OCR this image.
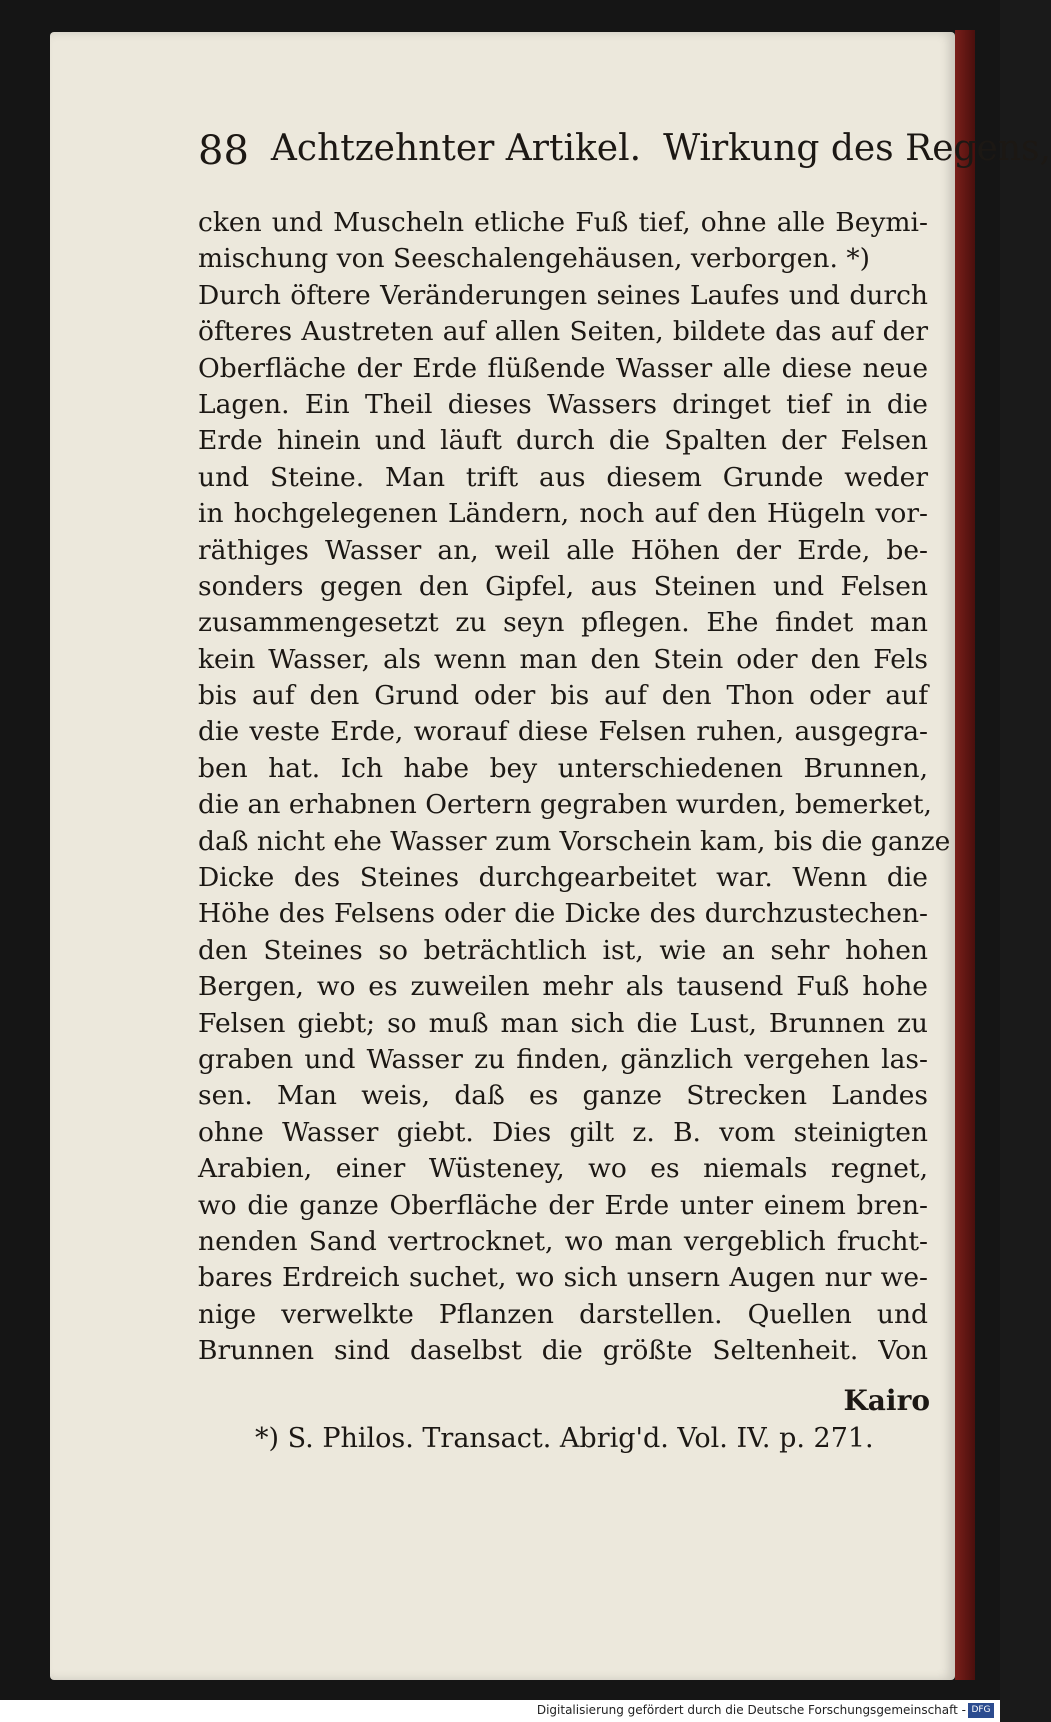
88 Achtzehnter Artikel. Wirkung des Regens,
cken und Muscheln etliche Fuß tief, ohne alle Beymi-
mischung von Seeschalengehäusen, verborgen. *)
Durch öftere Veränderungen seines Laufes und durch
öfteres Austreten auf allen Seiten, bildete das auf der
Oberfläche der Erde flüßende Wasser alle diese neue
Lagen. Ein Theil dieses Wassers dringet tief in die
Erde hinein und läuft durch die Spalten der Felsen
und Steine. Man trift aus diesem Grunde weder
in hochgelegenen Ländern, noch auf den Hügeln vor-
räthiges Wasser an, weil alle Höhen der Erde, be-
sonders gegen den Gipfel, aus Steinen und Felsen
zusammengesetzt zu seyn pflegen. Ehe findet man
kein Wasser, als wenn man den Stein oder den Fels
bis auf den Grund oder bis auf den Thon oder auf
die veste Erde, worauf diese Felsen ruhen, ausgegra-
ben hat. Ich habe bey unterschiedenen Brunnen,
die an erhabnen Oertern gegraben wurden, bemerket,
daß nicht ehe Wasser zum Vorschein kam, bis die ganze
Dicke des Steines durchgearbeitet war. Wenn die
Höhe des Felsens oder die Dicke des durchzustechen-
den Steines so beträchtlich ist, wie an sehr hohen
Bergen, wo es zuweilen mehr als tausend Fuß hohe
Felsen giebt; so muß man sich die Lust, Brunnen zu
graben und Wasser zu finden, gänzlich vergehen las-
sen. Man weis, daß es ganze Strecken Landes
ohne Wasser giebt. Dies gilt z. B. vom steinigten
Arabien, einer Wüsteney, wo es niemals regnet,
wo die ganze Oberfläche der Erde unter einem bren-
nenden Sand vertrocknet, wo man vergeblich frucht-
bares Erdreich suchet, wo sich unsern Augen nur we-
nige verwelkte Pflanzen darstellen. Quellen und
Brunnen sind daselbst die größte Seltenheit. Von
Kairo
*) S. Philos. Transact. Abrig'd. Vol. IV. p. 271.
Digitalisierung gefördert durch die Deutsche Forschungsgemeinschaft - DFG
